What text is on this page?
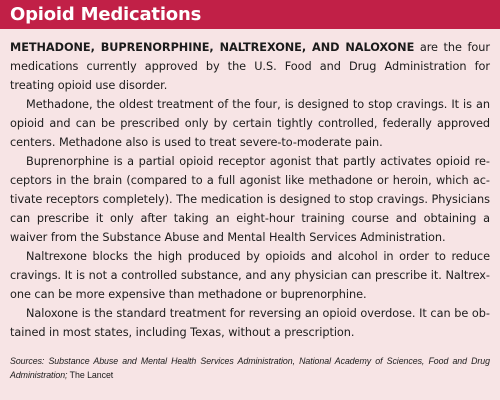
Opioid Medications

METHADONE, BUPRENORPHINE, NALTREXONE, AND NALOXONE are the four medications currently approved by the U.S. Food and Drug Administration for treating opioid use disorder.

Methadone, the oldest treatment of the four, is designed to stop cravings. It is an opioid and can be prescribed only by certain tightly controlled, federally approved centers. Methadone also is used to treat severe-to-moderate pain.

Buprenorphine is a partial opioid receptor agonist that partly activates opioid receptors in the brain (compared to a full agonist like methadone or heroin, which activate receptors completely). The medication is designed to stop cravings. Physicians can prescribe it only after taking an eight-hour training course and obtaining a waiver from the Substance Abuse and Mental Health Services Administration.

Naltrexone blocks the high produced by opioids and alcohol in order to reduce cravings. It is not a controlled substance, and any physician can prescribe it. Naltrexone can be more expensive than methadone or buprenorphine.

Naloxone is the standard treatment for reversing an opioid overdose. It can be obtained in most states, including Texas, without a prescription.

Sources: Substance Abuse and Mental Health Services Administration, National Academy of Sciences, Food and Drug Administration; The Lancet
